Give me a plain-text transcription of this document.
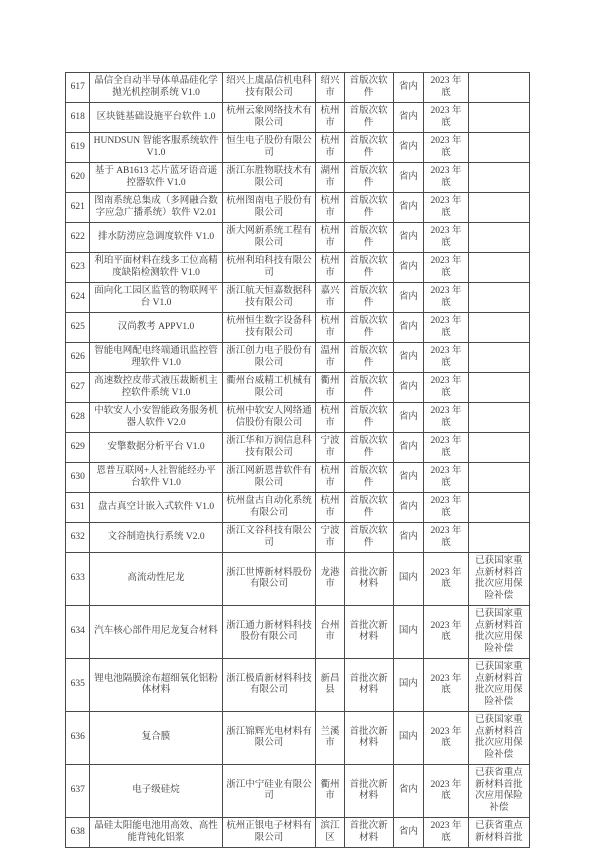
617	晶信全自动半导体单晶硅化学抛光机控制系统 V1.0	绍兴上虞晶信机电科技有限公司	绍兴市	首版次软件	省内	2023 年底	
618	区块链基础设施平台软件 1.0	杭州云象网络技术有限公司	杭州市	首版次软件	省内	2023 年底	
619	HUNDSUN 智能客服系统软件 V1.0	恒生电子股份有限公司	杭州市	首版次软件	省内	2023 年底	
620	基于 AB1613 芯片蓝牙语音遥控器软件 V1.0	浙江东胜物联技术有限公司	湖州市	首版次软件	省内	2023 年底	
621	图南系统总集成（多网融合数字应急广播系统）软件 V2.01	杭州图南电子股份有限公司	杭州市	首版次软件	省内	2023 年底	
622	排水防涝应急调度软件 V1.0	浙大网新系统工程有限公司	杭州市	首版次软件	省内	2023 年底	
623	利珀平面材料在线多工位高精度缺陷检测软件 V1.0	杭州利珀科技有限公司	杭州市	首版次软件	省内	2023 年底	
624	面向化工园区监管的物联网平台 V1.0	浙江航天恒嘉数据科技有限公司	嘉兴市	首版次软件	省内	2023 年底	
625	汉尚教考 APPV1.0	杭州恒生数字设备科技有限公司	杭州市	首版次软件	省内	2023 年底	
626	智能电网配电终端通讯监控管理软件 V1.0	浙江创力电子股份有限公司	温州市	首版次软件	省内	2023 年底	
627	高速数控皮带式液压裁断机主控软件系统 V1.0	衢州台威精工机械有限公司	衢州市	首版次软件	省内	2023 年底	
628	中软安人小安智能政务服务机器人软件 V2.0	杭州中软安人网络通信股份有限公司	杭州市	首版次软件	省内	2023 年底	
629	安擎数据分析平台 V1.0	浙江华和万润信息科技有限公司	宁波市	首版次软件	省内	2023 年底	
630	恩普互联网+人社智能经办平台软件 V1.0	浙江网新恩普软件有限公司	杭州市	首版次软件	省内	2023 年底	
631	盘古真空计嵌入式软件 V1.0	杭州盘古自动化系统有限公司	杭州市	首版次软件	省内	2023 年底	
632	文谷制造执行系统 V2.0	浙江文谷科技有限公司	宁波市	首版次软件	省内	2023 年底	
633	高流动性尼龙	浙江世博新材料股份有限公司	龙港市	首批次新材料	国内	2023 年底	已获国家重点新材料首批次应用保险补偿
634	汽车核心部件用尼龙复合材料	浙江通力新材料科技股份有限公司	台州市	首批次新材料	国内	2023 年底	已获国家重点新材料首批次应用保险补偿
635	锂电池隔膜涂布超细氧化铝粉体材料	浙江极盾新材料科技有限公司	新昌县	首批次新材料	国内	2023 年底	已获国家重点新材料首批次应用保险补偿
636	复合膜	浙江锦辉光电材料有限公司	兰溪市	首批次新材料	国内	2023 年底	已获国家重点新材料首批次应用保险补偿
637	电子级硅烷	浙江中宁硅业有限公司	衢州市	首批次新材料	省内	2023 年底	已获省重点新材料首批次应用保险补偿
638	晶硅太阳能电池用高效、高性能背钝化铝浆	杭州正银电子材料有限公司	滨江区	首批次新材料	省内	2023 年底	已获省重点新材料首批
